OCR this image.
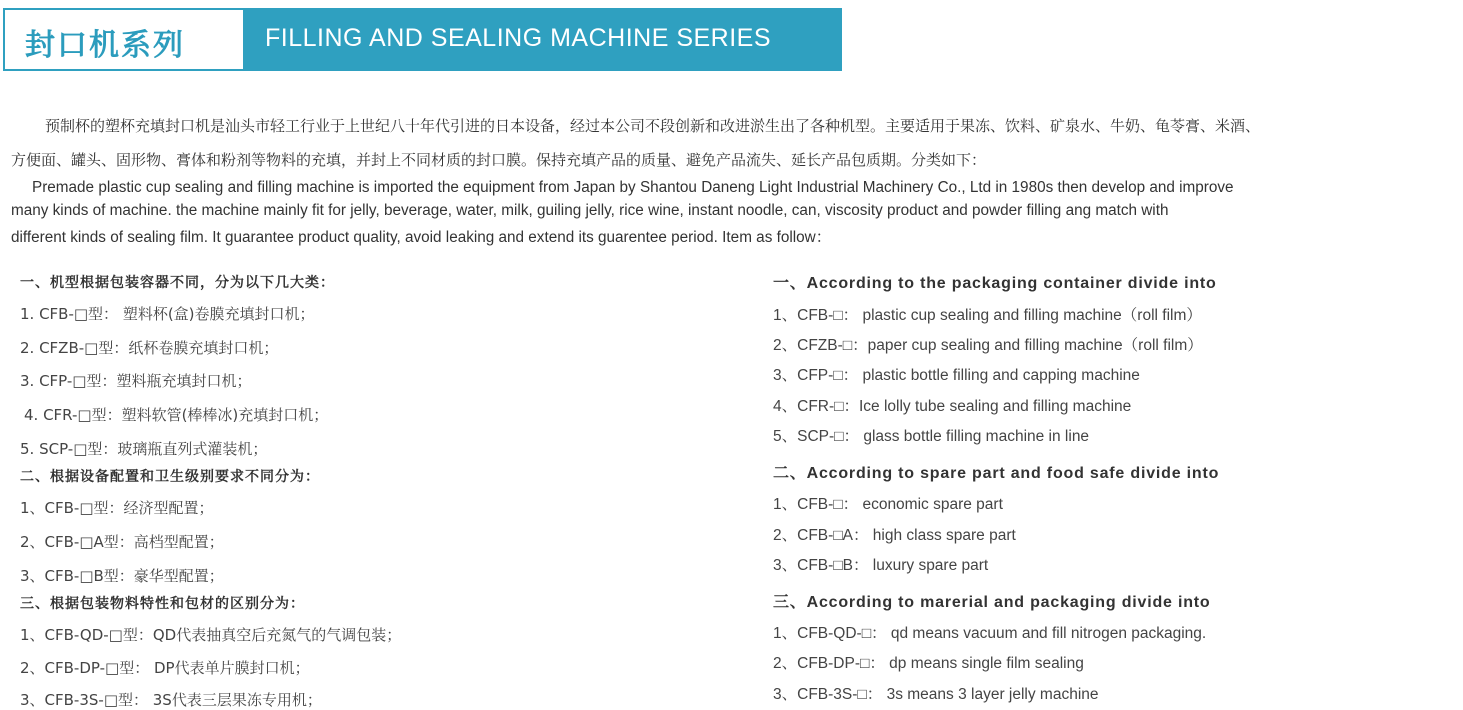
封口机系列	FILLING AND SEALING MACHINE SERIES
预制杯的塑杯充填封口机是汕头市轻工行业于上世纪八十年代引进的日本设备，经过本公司不段创新和改进淤生出了各种机型。主要适用于果冻、饮料、矿泉水、牛奶、龟苓膏、米酒、
方便面、罐头、固形物、膏体和粉剂等物料的充填，并封上不同材质的封口膜。保持充填产品的质量、避免产品流失、延长产品包质期。分类如下：
Premade plastic cup sealing and filling machine is imported the equipment from Japan by Shantou Daneng Light Industrial Machinery Co., Ltd in 1980s then develop and improve
many kinds of machine. the machine mainly fit for jelly, beverage, water, milk, guiling jelly, rice wine, instant noodle, can, viscosity product and powder filling ang match with
different kinds of sealing film. It guarantee product quality, avoid leaking and extend its guarentee period. Item as follow：
一、机型根据包装容器不同，分为以下几大类：
1. CFB-□型： 塑料杯(盒)卷膜充填封口机；
2. CFZB-□型：纸杯卷膜充填封口机；
3. CFP-□型：塑料瓶充填封口机；
4. CFR-□型：塑料软管(棒棒冰)充填封口机；
5. SCP-□型：玻璃瓶直列式灌装机；
二、根据设备配置和卫生级别要求不同分为：
1、CFB-□型：经济型配置；
2、CFB-□A型：高档型配置；
3、CFB-□B型：豪华型配置；
三、根据包装物料特性和包材的区别分为：
1、CFB-QD-□型：QD代表抽真空后充氮气的气调包装；
2、CFB-DP-□型： DP代表单片膜封口机；
3、CFB-3S-□型： 3S代表三层果冻专用机；
一、According to the packaging container divide into
1、CFB-□： plastic cup sealing and filling machine（roll film）
2、CFZB-□：paper cup sealing and filling machine（roll film）
3、CFP-□： plastic bottle filling and capping machine
4、CFR-□：Ice lolly tube sealing and filling machine
5、SCP-□： glass bottle filling machine in line
二、According to spare part and food safe divide into
1、CFB-□： economic spare part
2、CFB-□A： high class spare part
3、CFB-□B： luxury spare part
三、According to marerial and packaging divide into
1、CFB-QD-□： qd means vacuum and fill nitrogen packaging.
2、CFB-DP-□： dp means single film sealing
3、CFB-3S-□： 3s means 3 layer jelly machine
